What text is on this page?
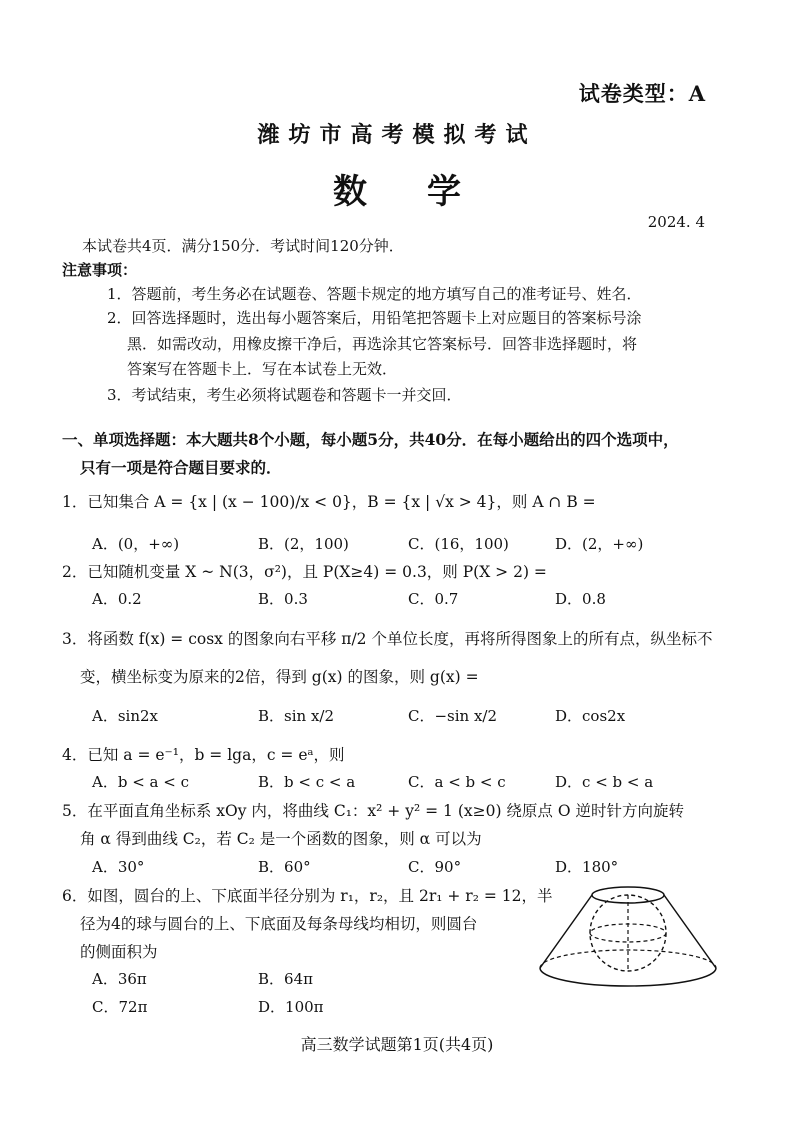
试卷类型：A
潍坊市高考模拟考试
数学
2024. 4
本试卷共4页．满分150分．考试时间120分钟．
注意事项：
1．答题前，考生务必在试题卷、答题卡规定的地方填写自己的准考证号、姓名．
2．回答选择题时，选出每小题答案后，用铅笔把答题卡上对应题目的答案标号涂
黑．如需改动，用橡皮擦干净后，再选涂其它答案标号．回答非选择题时，将
答案写在答题卡上．写在本试卷上无效．
3．考试结束，考生必须将试题卷和答题卡一并交回．
一、单项选择题：本大题共8个小题，每小题5分，共40分．在每小题给出的四个选项中，
只有一项是符合题目要求的．
1．已知集合 A = {x | (x − 100)/x < 0}，B = {x | √x > 4}，则 A ∩ B =
A．(0，+∞)	B．(2，100)	C．(16，100)	D．(2，+∞)
2．已知随机变量 X ~ N(3，σ²)，且 P(X≥4) = 0.3，则 P(X > 2) =
A．0.2	B．0.3	C．0.7	D．0.8
3．将函数 f(x) = cosx 的图象向右平移 π/2 个单位长度，再将所得图象上的所有点，纵坐标不
变，横坐标变为原来的2倍，得到 g(x) 的图象，则 g(x) =
A．sin2x	B．sin x/2	C．−sin x/2	D．cos2x
4．已知 a = e⁻¹，b = lga，c = eᵃ，则
A．b < a < c	B．b < c < a	C．a < b < c	D．c < b < a
5．在平面直角坐标系 xOy 内，将曲线 C₁：x² + y² = 1 (x≥0) 绕原点 O 逆时针方向旋转
角 α 得到曲线 C₂，若 C₂ 是一个函数的图象，则 α 可以为
A．30°	B．60°	C．90°	D．180°
6．如图，圆台的上、下底面半径分别为 r₁，r₂，且 2r₁ + r₂ = 12，半
径为4的球与圆台的上、下底面及每条母线均相切，则圆台
的侧面积为
A．36π	B．64π
C．72π	D．100π
高三数学试题第1页(共4页)
